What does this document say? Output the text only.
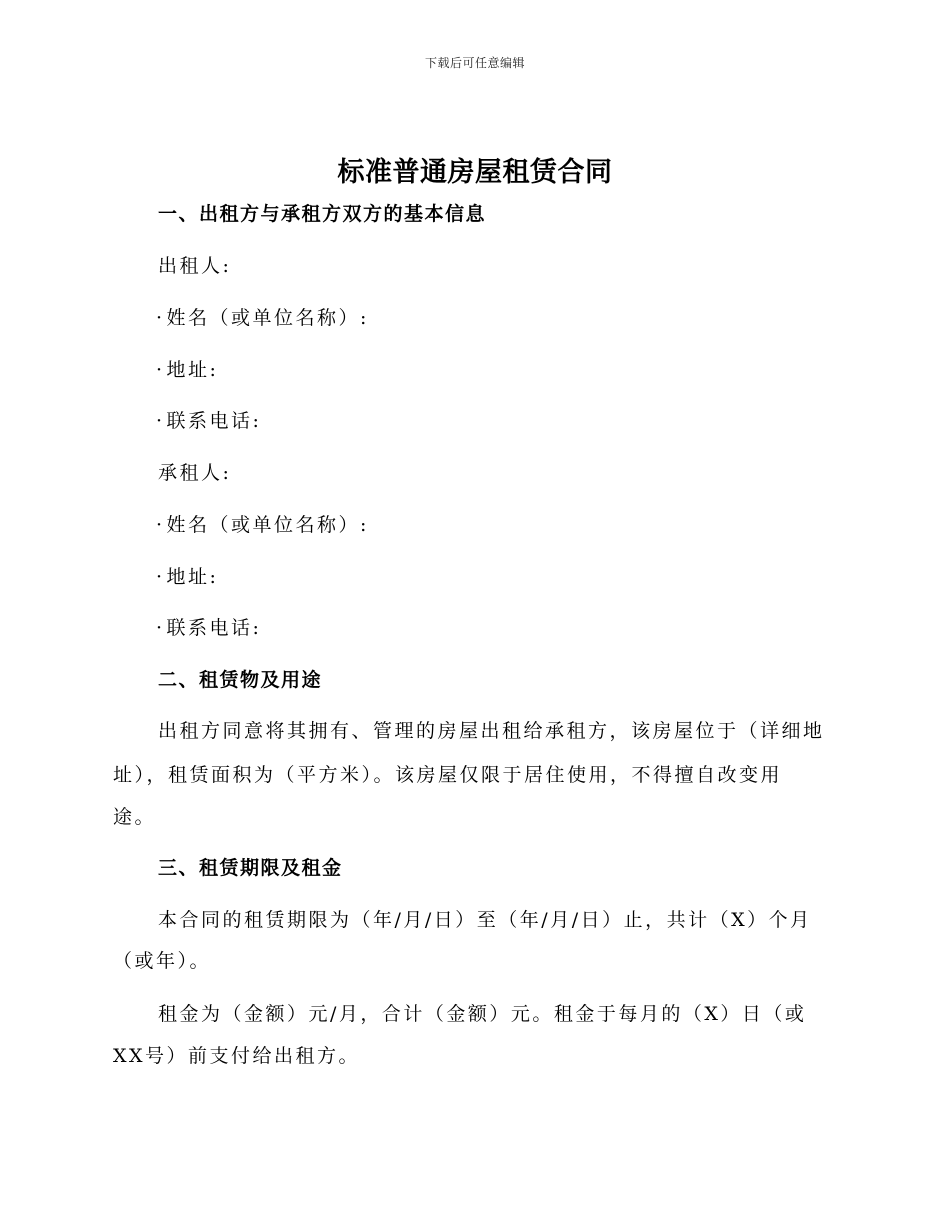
下载后可任意编辑
标准普通房屋租赁合同
一、出租方与承租方双方的基本信息
出租人:
· 姓名（或单位名称）:
· 地址:
· 联系电话:
承租人:
· 姓名（或单位名称）:
· 地址:
· 联系电话:
二、租赁物及用途
出租方同意将其拥有、管理的房屋出租给承租方，该房屋位于（详细地
址），租赁面积为（平方米）。该房屋仅限于居住使用，不得擅自改变用
途。
三、租赁期限及租金
本合同的租赁期限为（年/月/日）至（年/月/日）止，共计（X）个月
（或年）。
租金为（金额）元/月，合计（金额）元。租金于每月的（X）日（或
XX号）前支付给出租方。
